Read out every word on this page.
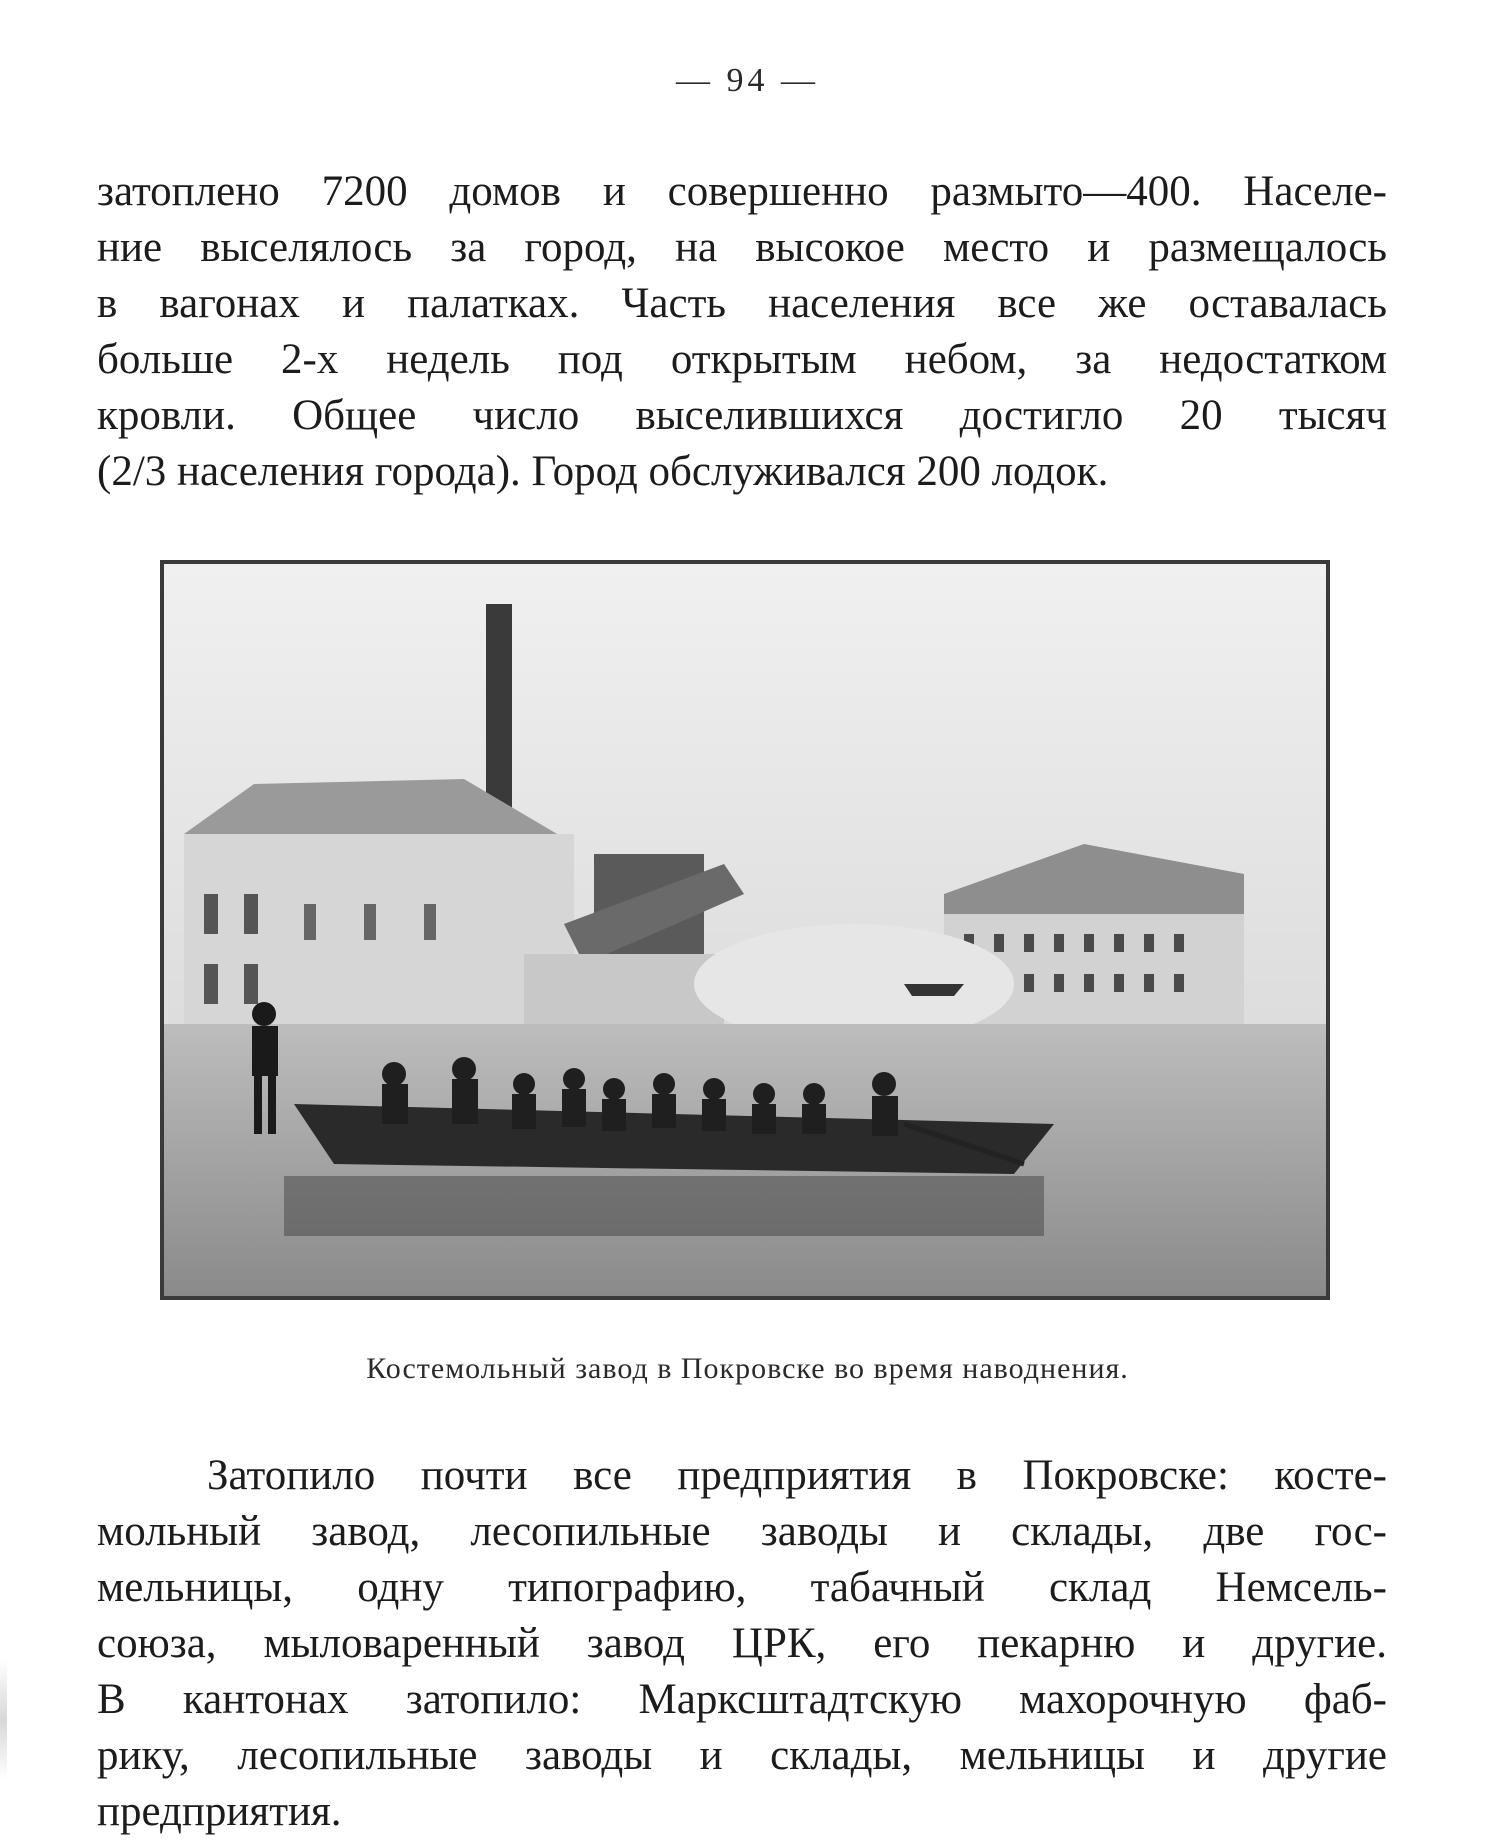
— 94 —
затоплено 7200 домов и совершенно размыто—400. Населе-
ние выселялось за город, на высокое место и размещалось
в вагонах и палатках. Часть населения все же оставалась
больше 2-х недель под открытым небом, за недостатком
кровли. Общее число выселившихся достигло 20 тысяч
(2/3 населения города). Город обслуживался 200 лодок.
Костемольный завод в Покровске во время наводнения.
Затопило почти все предприятия в Покровске: косте-
мольный завод, лесопильные заводы и склады, две гос-
мельницы, одну типографию, табачный склад Немсель-
союза, мыловаренный завод ЦРК, его пекарню и другие.
В кантонах затопило: Марксштадтскую махорочную фаб-
рику, лесопильные заводы и склады, мельницы и другие
предприятия.
